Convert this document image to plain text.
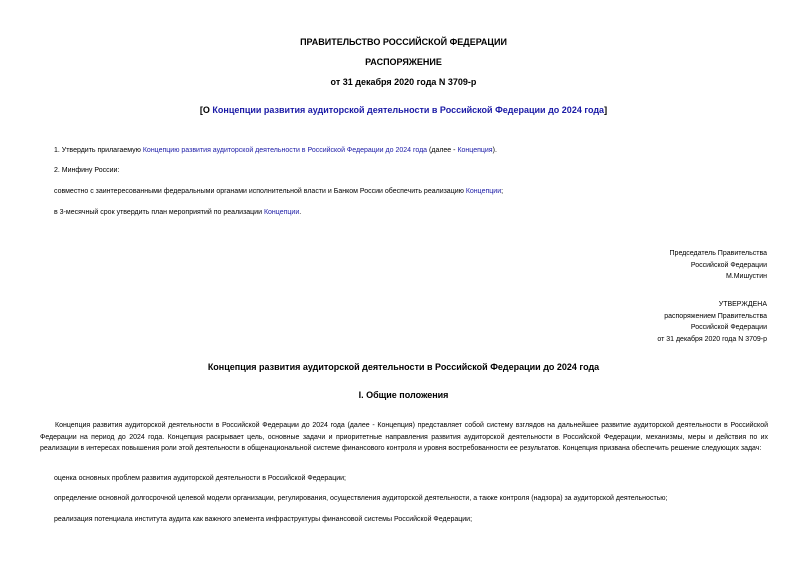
ПРАВИТЕЛЬСТВО РОССИЙСКОЙ ФЕДЕРАЦИИ
РАСПОРЯЖЕНИЕ
от 31 декабря 2020 года N 3709-р
[О Концепции развития аудиторской деятельности в Российской Федерации до 2024 года]
1. Утвердить прилагаемую Концепцию развития аудиторской деятельности в Российской Федерации до 2024 года (далее - Концепция).
2. Минфину России:
совместно с заинтересованными федеральными органами исполнительной власти и Банком России обеспечить реализацию Концепции;
в 3-месячный срок утвердить план мероприятий по реализации Концепции.
Председатель Правительства
Российской Федерации
М.Мишустин
УТВЕРЖДЕНА
распоряжением Правительства
Российской Федерации
от 31 декабря 2020 года N 3709-р
Концепция развития аудиторской деятельности в Российской Федерации до 2024 года
I. Общие положения
Концепция развития аудиторской деятельности в Российской Федерации до 2024 года (далее - Концепция) представляет собой систему взглядов на дальнейшее развитие аудиторской деятельности в Российской Федерации на период до 2024 года. Концепция раскрывает цель, основные задачи и приоритетные направления развития аудиторской деятельности в Российской Федерации, механизмы, меры и действия по их реализации в интересах повышения роли этой деятельности в общенациональной системе финансового контроля и уровня востребованности ее результатов. Концепция призвана обеспечить решение следующих задач:
оценка основных проблем развития аудиторской деятельности в Российской Федерации;
определение основной долгосрочной целевой модели организации, регулирования, осуществления аудиторской деятельности, а также контроля (надзора) за аудиторской деятельностью;
реализация потенциала института аудита как важного элемента инфраструктуры финансовой системы Российской Федерации;
